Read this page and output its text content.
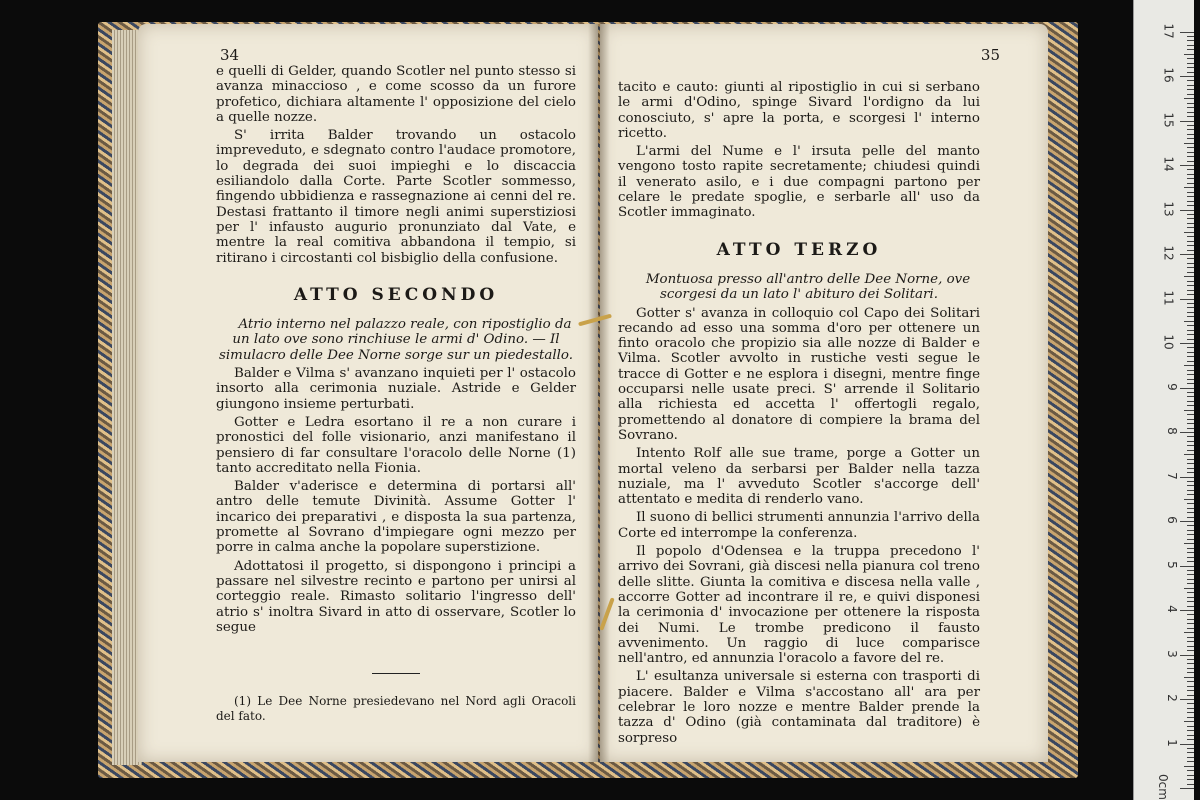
34

e quelli di Gelder, quando Scotler nel punto stesso si avanza minaccioso , e come scosso da un furore profetico, dichiara altamente l' opposizione del cielo a quelle nozze.

S' irrita Balder trovando un ostacolo impreveduto, e sdegnato contro l'audace promotore, lo degrada dei suoi impieghi e lo discaccia esiliandolo dalla Corte. Parte Scotler sommesso, fingendo ubbidienza e rassegnazione ai cenni del re. Destasi frattanto il timore negli animi superstiziosi per l' infausto augurio pronunziato dal Vate, e mentre la real comitiva abbandona il tempio, si ritirano i circostanti col bisbiglio della confusione.

ATTO SECONDO

Atrio interno nel palazzo reale, con ripostiglio da un lato ove sono rinchiuse le armi d' Odino. — Il simulacro delle Dee Norne sorge sur un piedestallo.

Balder e Vilma s' avanzano inquieti per l' ostacolo insorto alla cerimonia nuziale. Astride e Gelder giungono insieme perturbati.

Gotter e Ledra esortano il re a non curare i pronostici del folle visionario, anzi manifestano il pensiero di far consultare l'oracolo delle Norne (1) tanto accreditato nella Fionia.

Balder v'aderisce e determina di portarsi all' antro delle temute Divinità. Assume Gotter l' incarico dei preparativi , e disposta la sua partenza, promette al Sovrano d'impiegare ogni mezzo per porre in calma anche la popolare superstizione.

Adottatosi il progetto, si dispongono i principi a passare nel silvestre recinto e partono per unirsi al corteggio reale. Rimasto solitario l'ingresso dell' atrio s' inoltra Sivard in atto di osservare, Scotler lo segue

(1) Le Dee Norne presiedevano nel Nord agli Oracoli del fato.

35

tacito e cauto: giunti al ripostiglio in cui si serbano le armi d'Odino, spinge Sivard l'ordigno da lui conosciuto, s' apre la porta, e scorgesi l' interno ricetto.

L'armi del Nume e l' irsuta pelle del manto vengono tosto rapite secretamente; chiudesi quindi il venerato asilo, e i due compagni partono per celare le predate spoglie, e serbarle all' uso da Scotler immaginato.

ATTO TERZO

Montuosa presso all'antro delle Dee Norne, ove scorgesi da un lato l' abituro dei Solitari.

Gotter s' avanza in colloquio col Capo dei Solitari recando ad esso una somma d'oro per ottenere un finto oracolo che propizio sia alle nozze di Balder e Vilma. Scotler avvolto in rustiche vesti segue le tracce di Gotter e ne esplora i disegni, mentre finge occuparsi nelle usate preci. S' arrende il Solitario alla richiesta ed accetta l' offertogli regalo, promettendo al donatore di compiere la brama del Sovrano.

Intento Rolf alle sue trame, porge a Gotter un mortal veleno da serbarsi per Balder nella tazza nuziale, ma l' avveduto Scotler s'accorge dell' attentato e medita di renderlo vano.

Il suono di bellici strumenti annunzia l'arrivo della Corte ed interrompe la conferenza.

Il popolo d'Odensea e la truppa precedono l' arrivo dei Sovrani, già discesi nella pianura col treno delle slitte. Giunta la comitiva e discesa nella valle , accorre Gotter ad incontrare il re, e quivi disponesi la cerimonia d' invocazione per ottenere la risposta dei Numi. Le trombe predicono il fausto avvenimento. Un raggio di luce comparisce nell'antro, ed annunzia l'oracolo a favore del re.

L' esultanza universale si esterna con trasporti di piacere. Balder e Vilma s'accostano all' ara per celebrar le loro nozze e mentre Balder prende la tazza d' Odino (già contaminata dal traditore) è sorpreso

0cm
1
2
3
4
5
6
7
8
9
10
11
12
13
14
15
16
17
